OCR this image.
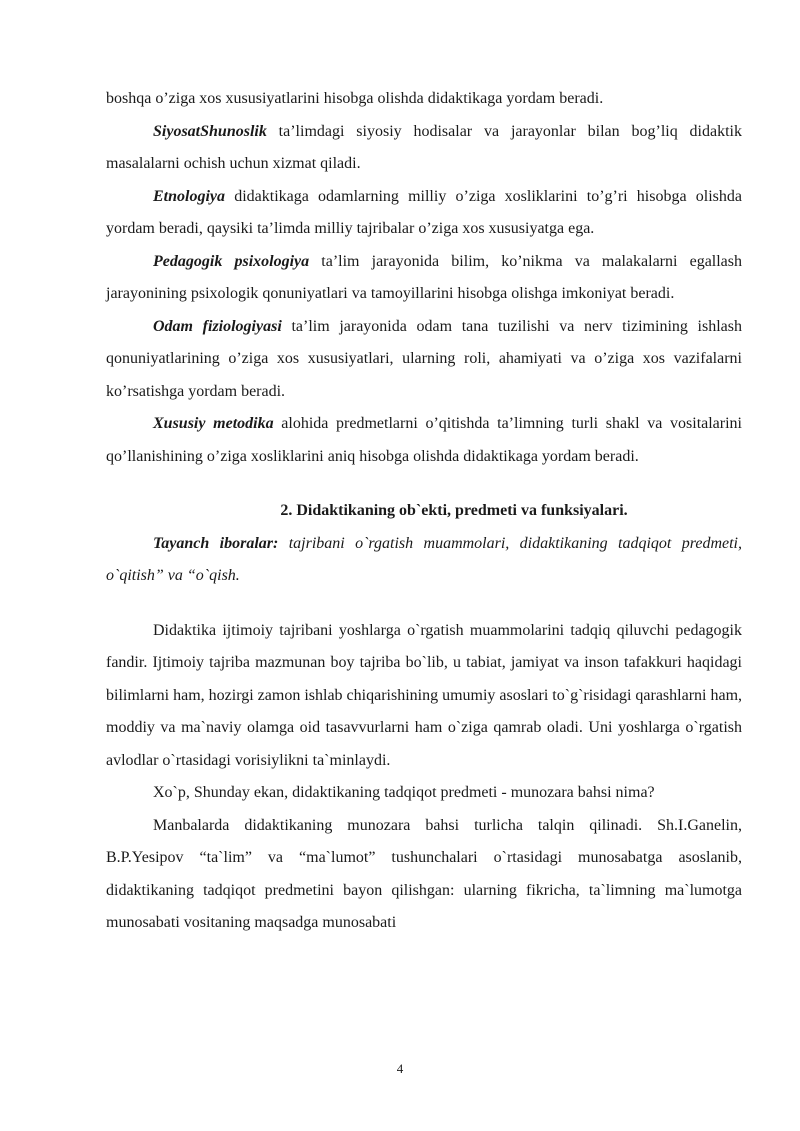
boshqa o’ziga xos xususiyatlarini hisobga olishda didaktikaga yordam beradi.

SiyosatShunoslik ta’limdagi siyosiy hodisalar va jarayonlar bilan bog’liq didaktik masalalarni ochish uchun xizmat qiladi.

Etnologiya didaktikaga odamlarning milliy o’ziga xosliklarini to’g’ri hisobga olishda yordam beradi, qaysiki ta’limda milliy tajribalar o’ziga xos xususiyatga ega.

Pedagogik psixologiya ta’lim jarayonida bilim, ko’nikma va malakalarni egallash jarayonining psixologik qonuniyatlari va tamoyillarini hisobga olishga imkoniyat beradi.

Odam fiziologiyasi ta’lim jarayonida odam tana tuzilishi va nerv tizimining ishlash qonuniyatlarining o’ziga xos xususiyatlari, ularning roli, ahamiyati va o’ziga xos vazifalarni ko’rsatishga yordam beradi.

Xususiy metodika alohida predmetlarni o’qitishda ta’limning turli shakl va vositalarini qo’llanishining o’ziga xosliklarini aniq hisobga olishda didaktikaga yordam beradi.

2. Didaktikaning ob`ekti, predmeti va funksiyalari.

Tayanch iboralar: tajribani o`rgatish muammolari, didaktikaning tadqiqot predmeti, o`qitish” va “o`qish.

Didaktika ijtimoiy tajribani yoshlarga o`rgatish muammolarini tadqiq qiluvchi pedagogik fandir. Ijtimoiy tajriba mazmunan boy tajriba bo`lib, u tabiat, jamiyat va inson tafakkuri haqidagi bilimlarni ham, hozirgi zamon ishlab chiqarishining umumiy asoslari to`g`risidagi qarashlarni ham, moddiy va ma`naviy olamga oid tasavvurlarni ham o`ziga qamrab oladi. Uni yoshlarga o`rgatish avlodlar o`rtasidagi vorisiylikni ta`minlaydi.

Xo`p, Shunday ekan, didaktikaning tadqiqot predmeti - munozara bahsi nima?

Manbalarda didaktikaning munozara bahsi turlicha talqin qilinadi. Sh.I.Ganelin, B.P.Yesipov “ta`lim” va “ma`lumot” tushunchalari o`rtasidagi munosabatga asoslanib, didaktikaning tadqiqot predmetini bayon qilishgan: ularning fikricha, ta`limning ma`lumotga munosabati vositaning maqsadga munosabati

4
